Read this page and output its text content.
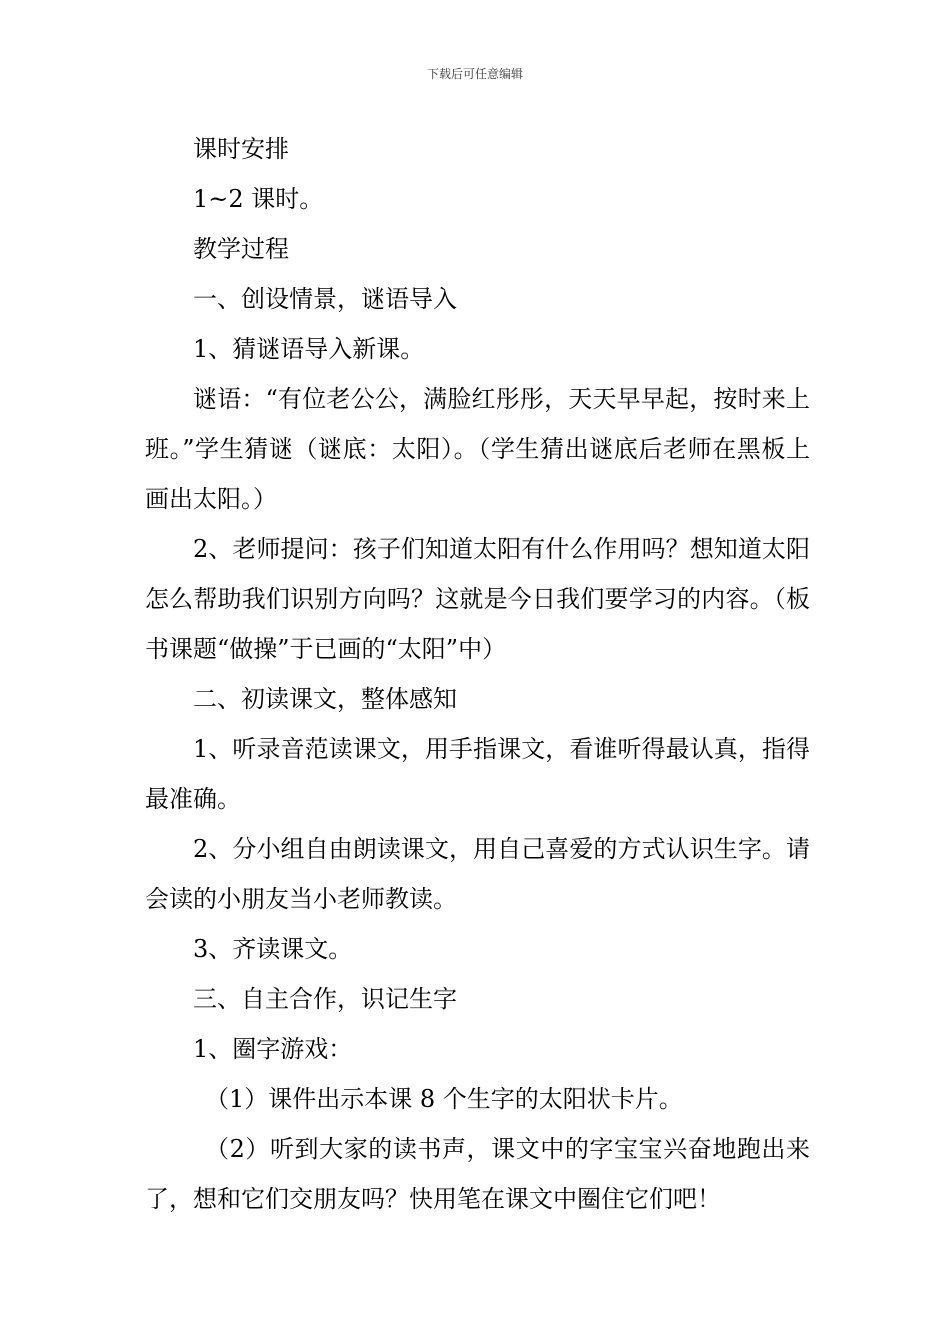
下载后可任意编辑

课时安排

1~2 课时。

教学过程

一、创设情景，谜语导入

1、猜谜语导入新课。

谜语：“有位老公公，满脸红彤彤，天天早早起，按时来上班。”学生猜谜（谜底：太阳）。（学生猜出谜底后老师在黑板上画出太阳。）

2、老师提问：孩子们知道太阳有什么作用吗？想知道太阳怎么帮助我们识别方向吗？这就是今日我们要学习的内容。（板书课题“做操”于已画的“太阳”中）

二、初读课文，整体感知

1、听录音范读课文，用手指课文，看谁听得最认真，指得最准确。

2、分小组自由朗读课文，用自己喜爱的方式认识生字。请会读的小朋友当小老师教读。

3、齐读课文。

三、自主合作，识记生字

1、圈字游戏：

（1）课件出示本课 8 个生字的太阳状卡片。

（2）听到大家的读书声，课文中的字宝宝兴奋地跑出来了，想和它们交朋友吗？快用笔在课文中圈住它们吧！
